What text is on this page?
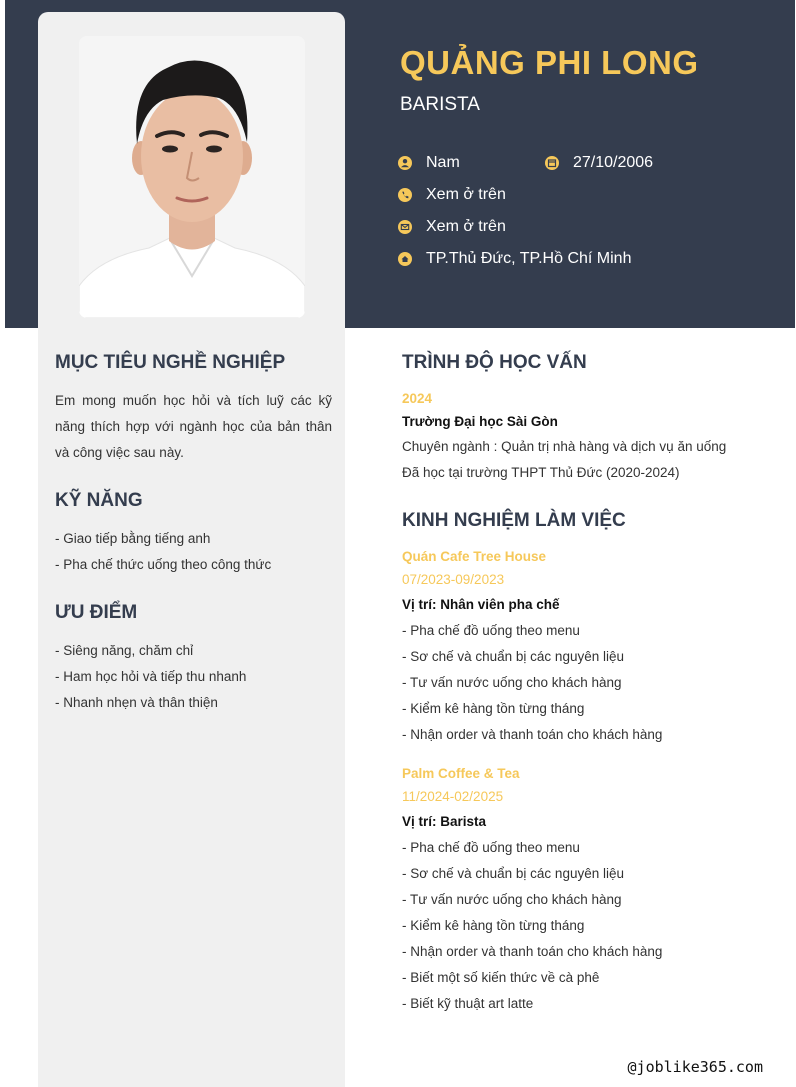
QUẢNG PHI LONG
BARISTA
Nam	27/10/2006
Xem ở trên
Xem ở trên
TP.Thủ Đức, TP.Hồ Chí Minh
MỤC TIÊU NGHỀ NGHIỆP
Em mong muốn học hỏi và tích luỹ các kỹ năng thích hợp với ngành học của bản thân và công việc sau này.
KỸ NĂNG
- Giao tiếp bằng tiếng anh
- Pha chế thức uống theo công thức
ƯU ĐIỂM
- Siêng năng, chăm chỉ
- Ham học hỏi và tiếp thu nhanh
- Nhanh nhẹn và thân thiện
TRÌNH ĐỘ HỌC VẤN
2024
Trường Đại học Sài Gòn
Chuyên ngành : Quản trị nhà hàng và dịch vụ ăn uống
Đã học tại trường THPT Thủ Đức (2020-2024)
KINH NGHIỆM LÀM VIỆC
Quán Cafe Tree House
07/2023-09/2023
Vị trí: Nhân viên pha chế
- Pha chế đồ uống theo menu
- Sơ chế và chuẩn bị các nguyên liệu
- Tư vấn nước uống cho khách hàng
- Kiểm kê hàng tồn từng tháng
- Nhận order và thanh toán cho khách hàng
Palm Coffee & Tea
11/2024-02/2025
Vị trí: Barista
- Pha chế đồ uống theo menu
- Sơ chế và chuẩn bị các nguyên liệu
- Tư vấn nước uống cho khách hàng
- Kiểm kê hàng tồn từng tháng
- Nhận order và thanh toán cho khách hàng
- Biết một số kiến thức về cà phê
- Biết kỹ thuật art latte
@joblike365.com
